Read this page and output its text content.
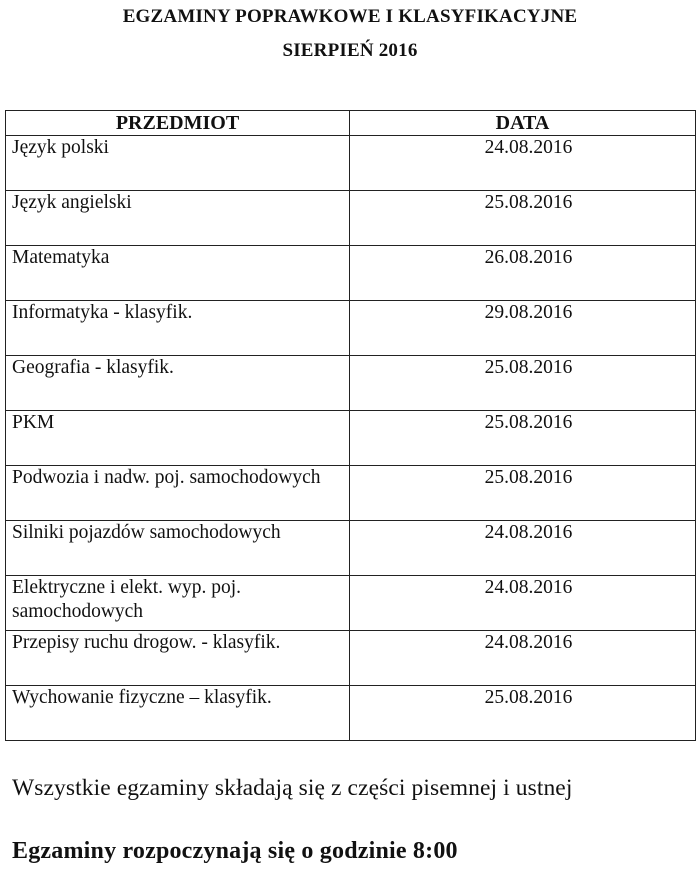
EGZAMINY POPRAWKOWE I KLASYFIKACYJNE
SIERPIEŃ 2016
PRZEDMIOT	DATA
Język polski	24.08.2016
Język angielski	25.08.2016
Matematyka	26.08.2016
Informatyka - klasyfik.	29.08.2016
Geografia - klasyfik.	25.08.2016
PKM	25.08.2016
Podwozia i nadw. poj. samochodowych	25.08.2016
Silniki pojazdów samochodowych	24.08.2016
Elektryczne i elekt. wyp. poj. samochodowych	24.08.2016
Przepisy ruchu drogow. - klasyfik.	24.08.2016
Wychowanie fizyczne – klasyfik.	25.08.2016
Wszystkie egzaminy składają się z części pisemnej i ustnej
Egzaminy rozpoczynają się o godzinie 8:00
